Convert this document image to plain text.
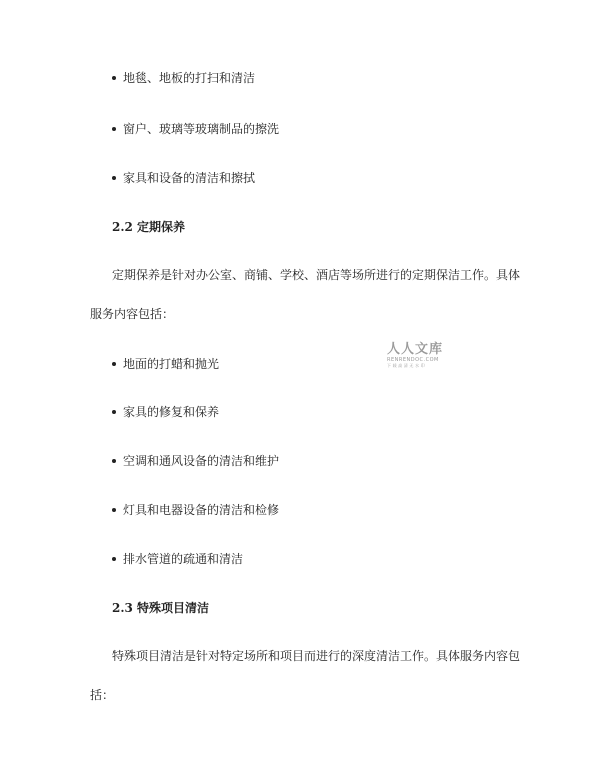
地毯、地板的打扫和清洁
窗户、玻璃等玻璃制品的擦洗
家具和设备的清洁和擦拭
2.2 定期保养
定期保养是针对办公室、商铺、学校、酒店等场所进行的定期保洁工作。具体
服务内容包括：
地面的打蜡和抛光
家具的修复和保养
空调和通风设备的清洁和维护
灯具和电器设备的清洁和检修
排水管道的疏通和清洁
2.3 特殊项目清洁
特殊项目清洁是针对特定场所和项目而进行的深度清洁工作。具体服务内容包
括：
人人文库
RENRENDOC.COM
下载高清无水印
